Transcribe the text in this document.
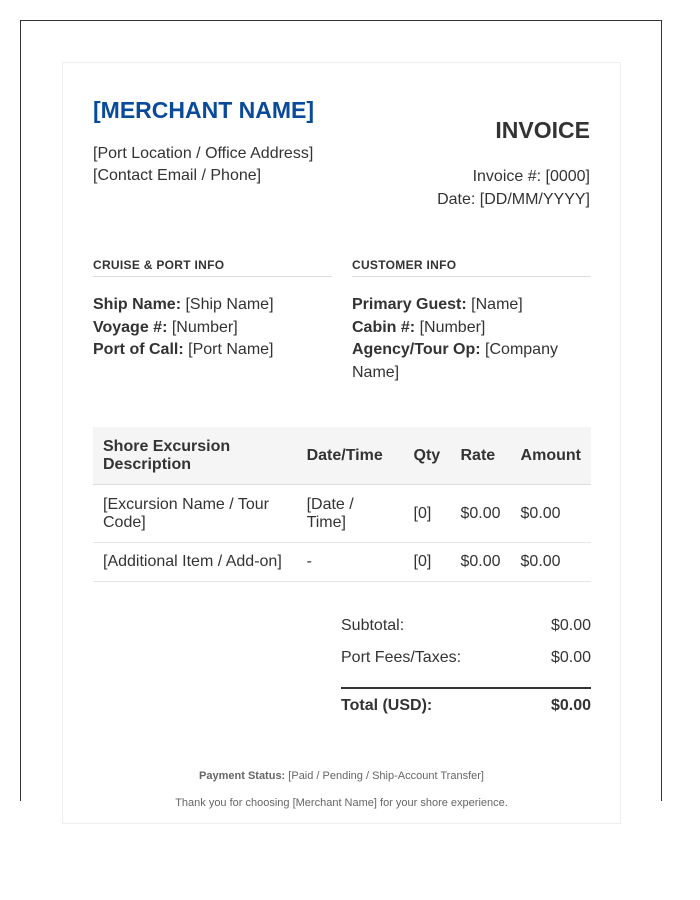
[MERCHANT NAME]
[Port Location / Office Address]
[Contact Email / Phone]
INVOICE
Invoice #: [0000]
Date: [DD/MM/YYYY]
CRUISE & PORT INFO
Ship Name: [Ship Name]
Voyage #: [Number]
Port of Call: [Port Name]
CUSTOMER INFO
Primary Guest: [Name]
Cabin #: [Number]
Agency/Tour Op: [Company Name]
Shore Excursion Description	Date/Time	Qty	Rate	Amount
[Excursion Name / Tour Code]	[Date / Time]	[0]	$0.00	$0.00
[Additional Item / Add-on]	-	[0]	$0.00	$0.00
Subtotal:	$0.00
Port Fees/Taxes:	$0.00
Total (USD):	$0.00
Payment Status: [Paid / Pending / Ship-Account Transfer]
Thank you for choosing [Merchant Name] for your shore experience.
